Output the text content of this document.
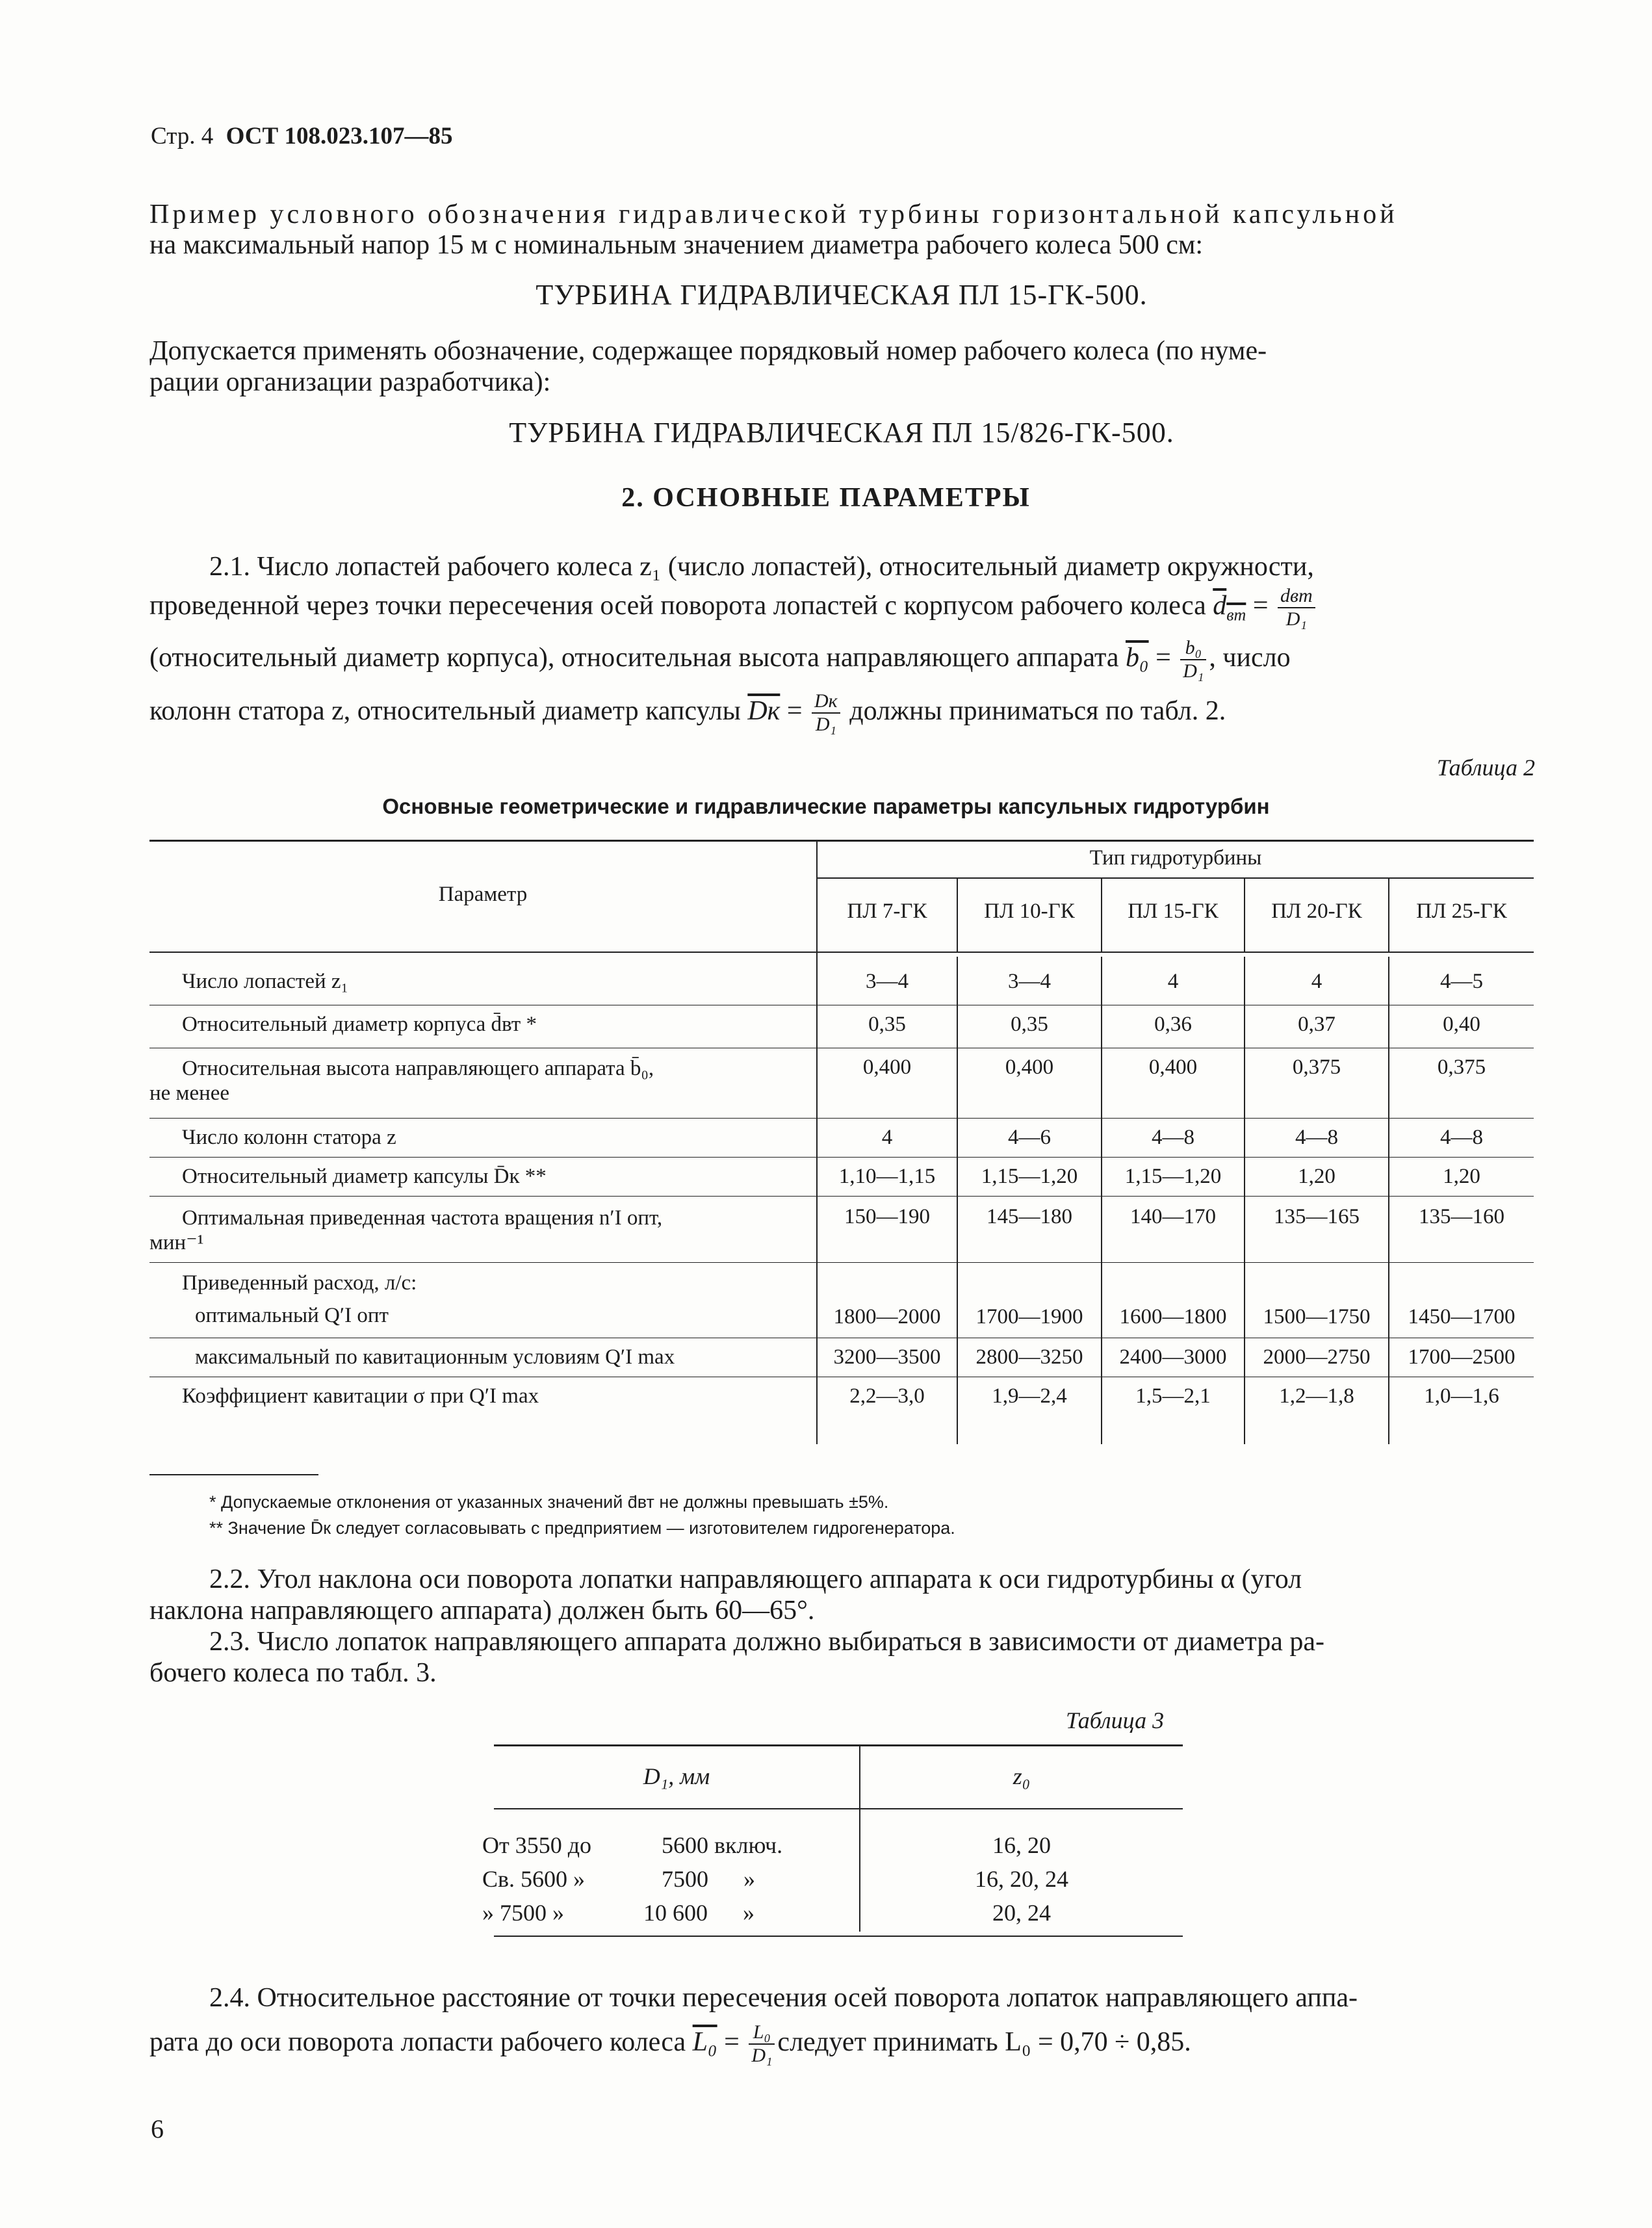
Стр. 4 ОСТ 108.023.107—85
Пример условного обозначения гидравлической турбины горизонтальной капсульной
на максимальный напор 15 м с номинальным значением диаметра рабочего колеса 500 см:
ТУРБИНА ГИДРАВЛИЧЕСКАЯ ПЛ 15-ГК-500.
Допускается применять обозначение, содержащее порядковый номер рабочего колеса (по нуме-
рации организации разработчика):
ТУРБИНА ГИДРАВЛИЧЕСКАЯ ПЛ 15/826-ГК-500.
2. ОСНОВНЫЕ ПАРАМЕТРЫ
2.1. Число лопастей рабочего колеса z₁ (число лопастей), относительный диаметр окружности,
проведенной через точки пересечения осей поворота лопастей с корпусом рабочего колеса $d_{вт} = \frac{\text{dвт}}{\text{D₁}}$
(относительный диаметр корпуса), относительная высота направляющего аппарата $b_0 = \frac{\text{b₀}}{\text{D₁}}$ , число
колонн статора z, относительный диаметр капсулы Dк = $\frac{Dк}{\text{D₁}}$ должны приниматься по табл. 2.
Таблица 2
Основные геометрические и гидравлические параметры капсульных гидротурбин
Параметр
Тип гидротурбины
ПЛ 7-ГК	ПЛ 10-ГК	ПЛ 15-ГК	ПЛ 20-ГК	ПЛ 25-ГК
Число лопастей z₁	3—4	3—4	4	4	4—5
Относительный диаметр корпуса d̄вт *	0,35	0,35	0,36	0,37	0,40
Относительная высота направляющего аппарата b̄₀,
не менее
0,400	0,400	0,400	0,375	0,375
Число колонн статора z	4	4—6	4—8	4—8	4—8
Относительный диаметр капсулы D̄к **	1,10—1,15	1,15—1,20	1,15—1,20	1,20	1,20
Оптимальная приведенная частота вращения n′I опт,
мин⁻¹
150—190	145—180	140—170	135—165	135—160
Приведенный расход, л/с:
оптимальный Q′I опт	1800—2000	1700—1900	1600—1800	1500—1750	1450—1700
максимальный по кавитационным условиям Q′I max	3200—3500	2800—3250	2400—3000	2000—2750	1700—2500
Коэффициент кавитации σ при Q′I max	2,2—3,0	1,9—2,4	1,5—2,1	1,2—1,8	1,0—1,6
* Допускаемые отклонения от указанных значений d̄вт не должны превышать ±5%.
** Значение D̄к следует согласовывать с предприятием — изготовителем гидрогенератора.
2.2. Угол наклона оси поворота лопатки направляющего аппарата к оси гидротурбины α (угол
наклона направляющего аппарата) должен быть 60—65°.
2.3. Число лопаток направляющего аппарата должно выбираться в зависимости от диаметра ра-
бочего колеса по табл. 3.
Таблица 3
D₁, мм	z₀
От 3550 до	5600 включ.	16, 20
Св. 5600 »	7500      »	16, 20, 24
» 7500 »	10 600      »	20, 24
2.4. Относительное расстояние от точки пересечения осей поворота лопаток направляющего аппа-
рата до оси поворота лопасти рабочего колеса $L_0 = \frac{\text{L₀}}{\text{D₁}}$ следует принимать L₀ = 0,70 ÷ 0,85.
6
